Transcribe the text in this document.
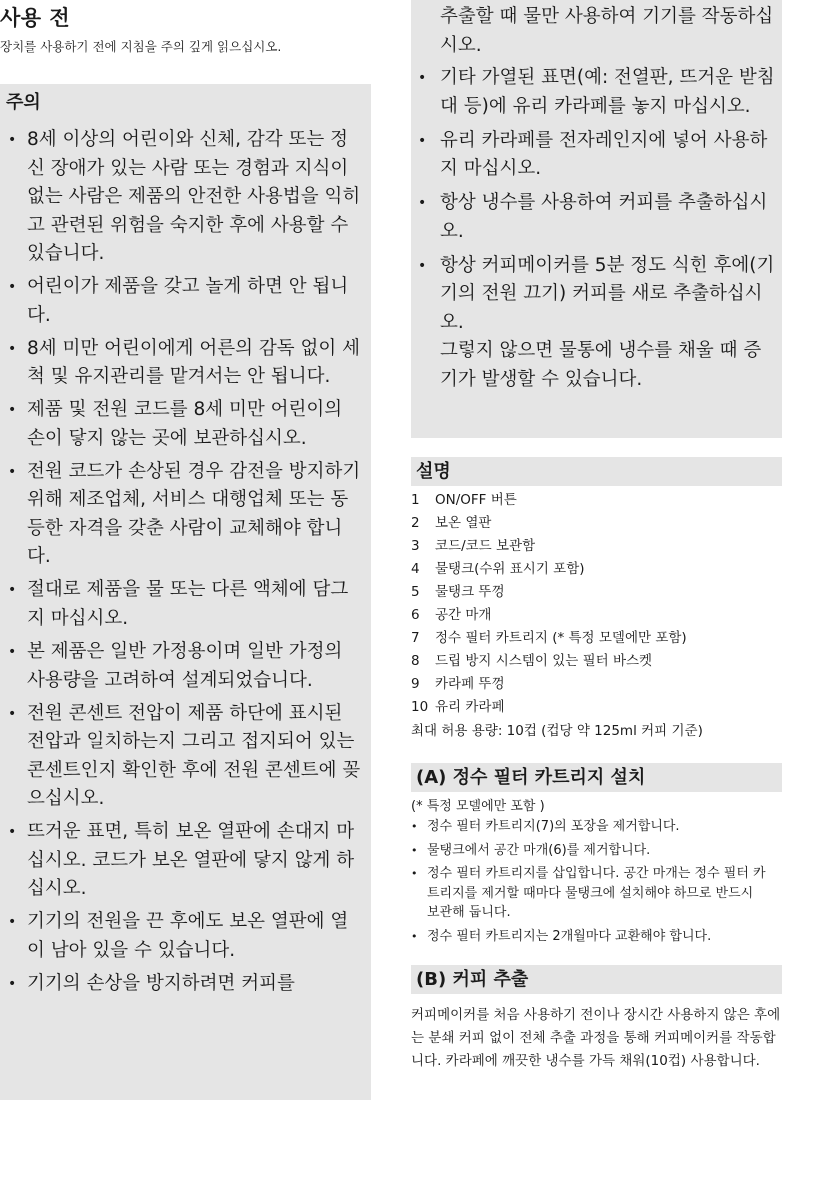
사용 전

장치를 사용하기 전에 지침을 주의 깊게 읽으십시오.

주의
• 8세 이상의 어린이와 신체, 감각 또는 정신 장애가 있는 사람 또는 경험과 지식이 없는 사람은 제품의 안전한 사용법을 익히고 관련된 위험을 숙지한 후에 사용할 수 있습니다.
• 어린이가 제품을 갖고 놀게 하면 안 됩니다.
• 8세 미만 어린이에게 어른의 감독 없이 세척 및 유지관리를 맡겨서는 안 됩니다.
• 제품 및 전원 코드를 8세 미만 어린이의 손이 닿지 않는 곳에 보관하십시오.
• 전원 코드가 손상된 경우 감전을 방지하기 위해 제조업체, 서비스 대행업체 또는 동등한 자격을 갖춘 사람이 교체해야 합니다.
• 절대로 제품을 물 또는 다른 액체에 담그지 마십시오.
• 본 제품은 일반 가정용이며 일반 가정의 사용량을 고려하여 설계되었습니다.
• 전원 콘센트 전압이 제품 하단에 표시된 전압과 일치하는지 그리고 접지되어 있는 콘센트인지 확인한 후에 전원 콘센트에 꽂으십시오.
• 뜨거운 표면, 특히 보온 열판에 손대지 마십시오. 코드가 보온 열판에 닿지 않게 하십시오.
• 기기의 전원을 끈 후에도 보온 열판에 열이 남아 있을 수 있습니다.
• 기기의 손상을 방지하려면 커피를

추출할 때 물만 사용하여 기기를 작동하십시오.

• 기타 가열된 표면(예: 전열판, 뜨거운 받침대 등)에 유리 카라페를 놓지 마십시오.
• 유리 카라페를 전자레인지에 넣어 사용하지 마십시오.
• 항상 냉수를 사용하여 커피를 추출하십시오.
• 항상 커피메이커를 5분 정도 식힌 후에(기기의 전원 끄기) 커피를 새로 추출하십시오.
그렇지 않으면 물통에 냉수를 채울 때 증기가 발생할 수 있습니다.
설명
1 ON/OFF 버튼
2 보온 열판
3 코드/코드 보관함
4 물탱크(수위 표시기 포함)
5 물탱크 뚜껑
6 공간 마개
7 정수 필터 카트리지 (* 특정 모델에만 포함)
8 드립 방지 시스템이 있는 필터 바스켓
9 카라페 뚜껑
10 유리 카라페

최대 허용 용량: 10컵 (컵당 약 125ml 커피 기준)

(A) 정수 필터 카트리지 설치

(* 특정 모델에만 포함 )

• 정수 필터 카트리지(7)의 포장을 제거합니다.
• 물탱크에서 공간 마개(6)를 제거합니다.
• 정수 필터 카트리지를 삽입합니다. 공간 마개는 정수 필터 카트리지를 제거할 때마다 물탱크에 설치해야 하므로 반드시 보관해 둡니다.
• 정수 필터 카트리지는 2개월마다 교환해야 합니다.
(B) 커피 추출

커피메이커를 처음 사용하기 전이나 장시간 사용하지 않은 후에는 분쇄 커피 없이 전체 추출 과정을 통해 커피메이커를 작동합니다. 카라페에 깨끗한 냉수를 가득 채워(10컵) 사용합니다.
